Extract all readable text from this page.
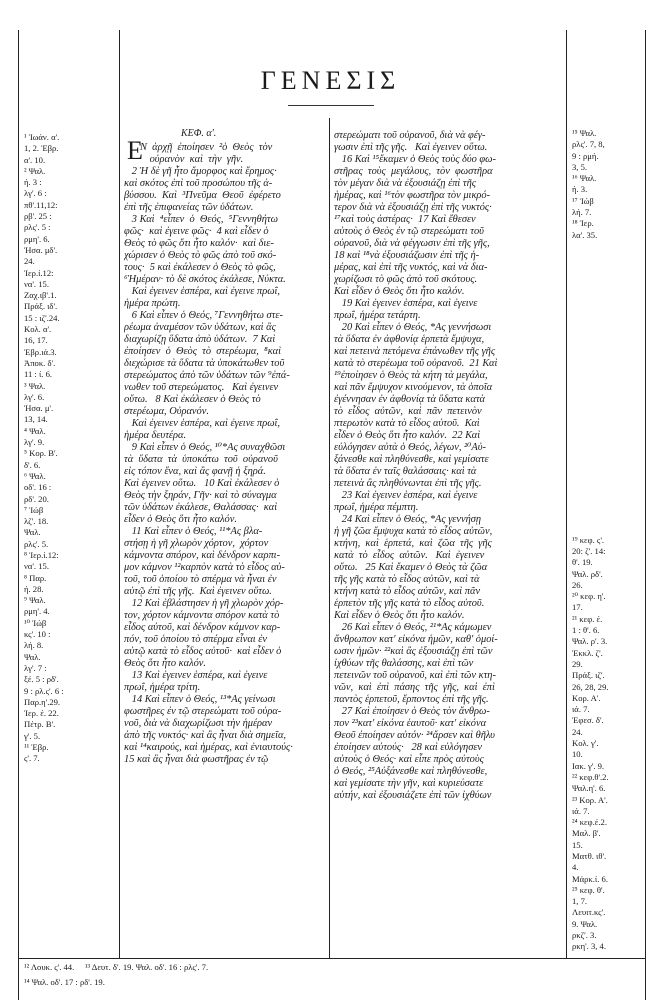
ΓΕΝΕΣΙΣ
ΚΕΦ. α'.
Ε
¹ Ἰωάν. α'.
1, 2. Ἑβρ.
α'. 10.
² Ψαλ.
ή. 3 :
λγ'. 6 :
πθ'.11,12:
ρβ'. 25 :
ρλς'. 5 :
ρμη'. 6.
Ἡσα. μδ'.
24.
Ἱερ.ί.12:
να'. 15.
Ζαχ.ιβ'.1.
Πράξ. ιδ'.
15 : ιζ'.24.
Κολ. α'.
16, 17.
Ἑβρ.ιά.3.
Ἀποκ. δ'.
11 : ί. 6.
³ Ψαλ.
λγ'. 6.
Ἡσα. μ'.
13, 14.
⁴ Ψαλ.
λγ'. 9.
⁵ Κορ. Β'.
δ'. 6.
⁶ Ψαλ.
οδ'. 16 :
ρδ'. 20.
⁷ Ἰώβ
λζ'. 18.
Ψαλ.
ρλς'. 5.
⁸ Ἱερ.ί.12:
να'. 15.
⁸ Παρ.
ή. 28.
⁹ Ψαλ.
ρμη'. 4.
¹⁰ Ἰώβ
κς'. 10 :
λή. 8.
Ψαλ.
λγ'. 7 :
ξέ. 5 : ρδ'.
9 : ρλ.ς'. 6 :
Παρ.η'.29.
Ἱερ. έ. 22.
Πέτρ. Β'.
γ'. 5.
¹¹ Ἑβρ.
ς'. 7.
Ν  ἀρχῇ  ἐποίησεν  ²ὁ  Θεὸς  τὸν
οὐρανὸν  καὶ  τὴν  γῆν.
2 Ἡ δὲ γῆ ἦτο ἄμορφος καὶ ἔρημος·
καὶ σκότος ἐπὶ τοῦ προσώπου τῆς ἀ-
βύσσου.  Καὶ  ³Πνεῦμα  Θεοῦ  ἐφέρετο
ἐπὶ τῆς ἐπιφανείας τῶν ὑδάτων.
3 Καὶ  ⁴εἶπεν  ὁ  Θεός,  ⁵Γεννηθήτω
φῶς·  καὶ ἐγεινε φῶς·  4 καὶ εἶδεν ὁ
Θεὸς τὸ φῶς ὅτι ἦτο καλόν·  καὶ διε-
χώρισεν ὁ Θεὸς τὸ φῶς ἀπὸ τοῦ σκό-
τους·  5 καὶ ἐκάλεσεν ὁ Θεὸς τὸ φῶς,
⁶Ἡμέραν· τὸ δὲ σκότος ἐκάλεσε, Νύκτα.
Καὶ ἐγεινεν ἑσπέρα, καὶ ἐγεινε πρωΐ,
ἡμέρα πρώτη.
6 Καὶ εἶπεν ὁ Θεός, ⁷Γεννηθήτω στε-
ρέωμα ἀναμέσον τῶν ὑδάτων, καὶ ἂς
διαχωρίζῃ ὕδατα ἀπὸ ὑδάτων.  7 Καὶ
ἐποίησεν  ὁ  Θεὸς  τὸ  στερέωμα,  ⁸καὶ
διεχώρισε τὰ ὕδατα τὰ ὑποκάτωθεν τοῦ
στερεώματος ἀπὸ τῶν ὑδάτων τῶν ⁹ἐπά-
νωθεν τοῦ στερεώματος.   Καὶ ἐγεινεν
οὕτω.   8 Καὶ ἐκάλεσεν ὁ Θεὸς τὸ
στερέωμα, Οὐρανόν.
Καὶ ἐγεινεν ἑσπέρα, καὶ ἐγεινε πρωΐ,
ἡμέρα δευτέρα.
9 Καὶ εἶπεν ὁ Θεός, ¹⁰*Ας συναχθῶσι
τὰ  ὕδατα  τὰ  ὑποκάτω  τοῦ  οὐρανοῦ
εἰς τόπον ἕνα, καὶ ἂς φανῇ ἡ ξηρά.
Καὶ ἐγεινεν οὕτω.   10 Καὶ ἐκάλεσεν ὁ
Θεὸς τὴν ξηράν, Γῆν· καὶ τὸ σύναγμα
τῶν ὑδάτων ἐκάλεσε, Θαλάσσας·  καὶ
εἶδεν ὁ Θεὸς ὅτι ἦτο καλόν.
11 Καὶ εἶπεν ὁ Θεός, ¹¹*Ας βλα-
στήσῃ ἡ γῆ χλωρὸν χόρτον,  χόρτον
κάμνοντα σπόρον, καὶ δένδρον καρπι-
μον κάμνον ¹²καρπὸν κατὰ τὸ εἶδος αὐ-
τοῦ, τοῦ ὁποίου τὸ σπέρμα νὰ ἦναι ἐν
αὐτῷ ἐπὶ τῆς γῆς.  Καὶ ἐγεινεν οὕτω.
12 Καὶ ἐβλάστησεν ἡ γῆ χλωρὸν χόρ-
τον, χόρτον κάμνοντα σπόρον κατὰ τὸ
εἶδος αὐτοῦ, καὶ δένδρον κάμνον καρ-
πόν, τοῦ ὁποίου τὸ σπέρμα εἶναι ἐν
αὐτῷ κατὰ τὸ εἶδος αὐτοῦ·  καὶ εἶδεν ὁ
Θεὸς ὅτι ἦτο καλόν.
13 Καὶ ἐγεινεν ἑσπέρα, καὶ ἐγεινε
πρωΐ, ἡμέρα τρίτη.
14 Καὶ εἶπεν ὁ Θεός, ¹³*Ας γείνωσι
φωστῆρες ἐν τῷ στερεώματι τοῦ οὐρα-
νοῦ, διὰ νὰ διαχωρίζωσι τὴν ἡμέραν
ἀπὸ τῆς νυκτός· καὶ ἂς ἦναι διὰ σημεῖα,
καὶ ¹⁴καιρούς, καὶ ἡμέρας, καὶ ἐνιαυτούς·
15 καὶ ἂς ἦναι διὰ φωστῆρας ἐν τῷ
στερεώματι τοῦ οὐρανοῦ, διὰ νὰ φέγ-
γωσιν ἐπὶ τῆς γῆς.   Καὶ ἐγεινεν οὕτω.
16 Καὶ ¹⁵ἔκαμεν ὁ Θεὸς τοὺς δύο φω-
στῆρας  τοὺς  μεγάλους,  τὸν  φωστῆρα
τὸν μέγαν διὰ νὰ ἐξουσιάζῃ ἐπὶ τῆς
ἡμέρας, καὶ ¹⁶τὸν φωστῆρα τὸν μικρό-
τερον διὰ νὰ ἐξουσιάζῃ ἐπὶ τῆς νυκτός·
¹⁷καὶ τοὺς ἀστέρας·  17 Καὶ ἔθεσεν
αὐτοὺς ὁ Θεὸς ἐν τῷ στερεώματι τοῦ
οὐρανοῦ, διὰ νὰ φέγγωσιν ἐπὶ τῆς γῆς,
18 καὶ ¹⁸νὰ ἐξουσιάζωσιν ἐπὶ τῆς ἡ-
μέρας, καὶ ἐπὶ τῆς νυκτός, καὶ νὰ δια-
χωρίζωσι τὸ φῶς ἀπὸ τοῦ σκότους.
Καὶ εἶδεν ὁ Θεὸς ὅτι ἦτο καλόν.
19 Καὶ ἐγεινεν ἑσπέρα, καὶ ἐγεινε
πρωΐ, ἡμέρα τετάρτη.
20 Καὶ εἶπεν ὁ Θεός, *Ας γεννήσωσι
τὰ ὕδατα ἐν ἀφθονίᾳ ἑρπετὰ ἔμψυχα,
καὶ πετεινὰ πετόμενα ἐπάνωθεν τῆς γῆς
κατὰ τὸ στερέωμα τοῦ οὐρανοῦ.  21 Καὶ
¹⁹ἐποίησεν ὁ Θεὸς τὰ κήτη τὰ μεγάλα,
καὶ πᾶν ἔμψυχον κινούμενον, τὰ ὁποῖα
ἐγέννησαν ἐν ἀφθονίᾳ τὰ ὕδατα κατὰ
τὸ  εἶδος  αὐτῶν,  καὶ  πᾶν  πετεινὸν
πτερωτὸν κατὰ τὸ εἶδος αὐτοῦ.  Καὶ
εἶδεν ὁ Θεὸς ὅτι ἦτο καλόν.  22 Καὶ
εὐλόγησεν αὐτὰ ὁ Θεός, λέγων, ²⁰Αὐ-
ξάνεσθε καὶ πληθύνεσθε, καὶ γεμίσατε
τὰ ὕδατα ἐν ταῖς θαλάσσαις· καὶ τὰ
πετεινὰ ἂς πληθύνωνται ἐπὶ τῆς γῆς.
23 Καὶ ἐγεινεν ἑσπέρα, καὶ ἐγεινε
πρωΐ, ἡμέρα πέμπτη.
24 Καὶ εἶπεν ὁ Θεός, *Ας γεννήσῃ
ἡ γῆ ζῶα ἔμψυχα κατὰ τὸ εἶδος αὐτῶν,
κτήνη,  καὶ  ἑρπετά,  καὶ  ζῶα  τῆς  γῆς
κατὰ  τὸ  εἶδος  αὐτῶν.   Καὶ  ἐγεινεν
οὕτω.   25 Καὶ ἔκαμεν ὁ Θεὸς τὰ ζῶα
τῆς γῆς κατὰ τὸ εἶδος αὐτῶν, καὶ τὰ
κτήνη κατὰ τὸ εἶδος αὐτῶν, καὶ πᾶν
ἑρπετὸν τῆς γῆς κατὰ τὸ εἶδος αὐτοῦ.
Καὶ εἶδεν ὁ Θεὸς ὅτι ἦτο καλόν.
26 Καὶ εἶπεν ὁ Θεός, ²¹*Ας κάμωμεν
ἄνθρωπον κατ' εἰκόνα ἡμῶν, καθ' ὁμοί-
ωσιν ἡμῶν· ²²καὶ ἂς ἐξουσιάζῃ ἐπὶ τῶν
ἰχθύων τῆς θαλάσσης, καὶ ἐπὶ τῶν
πετεινῶν τοῦ οὐρανοῦ, καὶ ἐπὶ τῶν κτη-
νῶν,  καὶ  ἐπὶ  πάσης  τῆς  γῆς,  καὶ  ἐπὶ
παντὸς ἑρπετοῦ, ἕρποντος ἐπὶ τῆς γῆς.
27 Καὶ ἐποίησεν ὁ Θεὸς τὸν ἄνθρω-
πον ²³κατ' εἰκόνα ἑαυτοῦ· κατ' εἰκόνα
Θεοῦ ἐποίησεν αὐτόν· ²⁴ἄρσεν καὶ θῆλυ
ἐποίησεν αὐτούς·   28 καὶ εὐλόγησεν
αὐτοὺς ὁ Θεός· καὶ εἶπε πρὸς αὐτοὺς
ὁ Θεός, ²⁵Αὐξάνεσθε καὶ πληθύνεσθε,
καὶ γεμίσατε τὴν γῆν, καὶ κυριεύσατε
αὐτήν, καὶ ἐξουσιάζετε ἐπὶ τῶν ἰχθύων
¹⁵ Ψαλ.
ρλς'. 7, 8,
9 : ρμή.
3, 5.
¹⁶ Ψαλ.
ή. 3.
¹⁷ Ἰώβ
λή. 7.
¹⁸ Ἱερ.
λα'. 35.
¹⁹ κεφ. ς'.
20: ζ'. 14:
θ'. 19.
Ψαλ. ρδ'.
26.
²⁰ κεφ. η'.
17.
²¹ κεφ. έ.
1 : θ'. 6.
Ψαλ. ρ'. 3.
Ἐκκλ. ζ'.
29.
Πράξ. ιζ'.
26, 28, 29.
Κορ. Α'.
ιά. 7.
Ἐφεσ. δ'.
24.
Κολ. γ'.
10.
Ιακ. γ'. 9.
²² κεφ.θ'.2.
Ψαλ.η'. 6.
²³ Κορ. Α'.
ιά. 7.
²⁴ κεφ.έ.2.
Μαλ. β'.
15.
Ματθ. ιθ'.
4.
Μάρκ.ί. 6.
²⁵ κεφ. θ'.
1, 7.
Λευιτ.κς'.
9. Ψαλ.
ρκζ'. 3.
ρκη'. 3, 4.
¹² Λουκ. ς'. 44.     ¹³ Δευτ. δ'. 19. Ψαλ. οδ'. 16 : ρλς'. 7.
¹⁴ Ψαλ. οδ'. 17 : ρδ'. 19.
